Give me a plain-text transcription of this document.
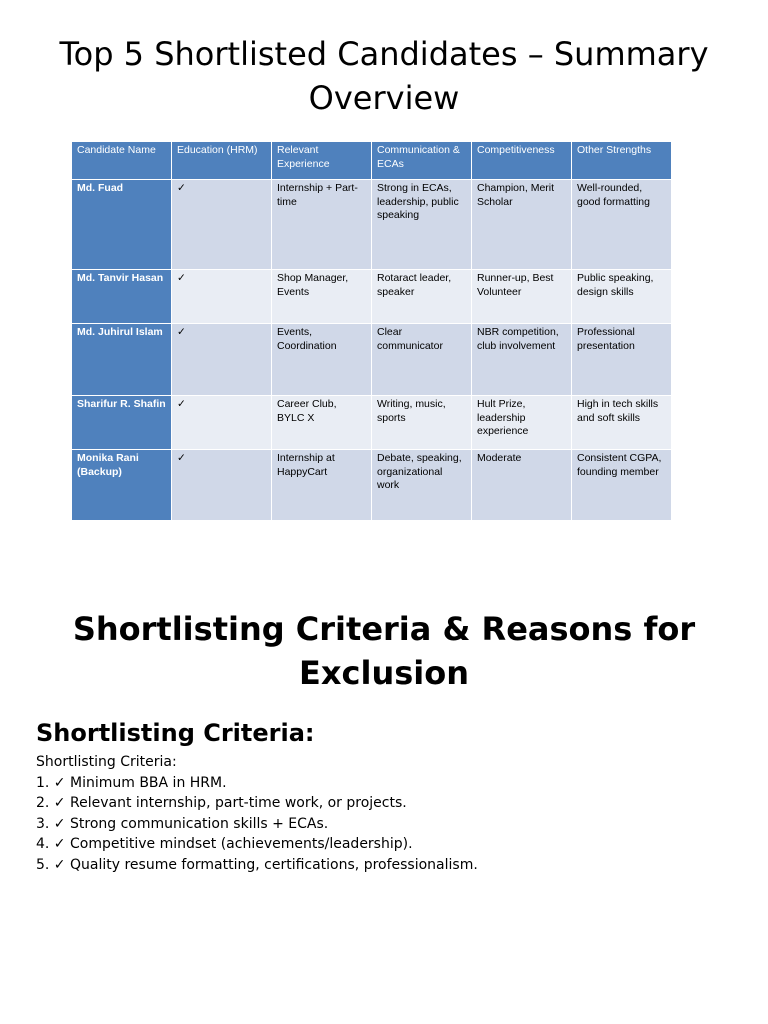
Top 5 Shortlisted Candidates – Summary Overview
Candidate Name	Education (HRM)	Relevant Experience	Communication & ECAs	Competitiveness	Other Strengths
Md. Fuad	✓	Internship + Part-time	Strong in ECAs, leadership, public speaking	Champion, Merit Scholar	Well-rounded, good formatting
Md. Tanvir Hasan	✓	Shop Manager, Events	Rotaract leader, speaker	Runner-up, Best Volunteer	Public speaking, design skills
Md. Juhirul Islam	✓	Events, Coordination	Clear communicator	NBR competition, club involvement	Professional presentation
Sharifur R. Shafin	✓	Career Club, BYLC X	Writing, music, sports	Hult Prize, leadership experience	High in tech skills and soft skills
Monika Rani (Backup)	✓	Internship at HappyCart	Debate, speaking, organizational work	Moderate	Consistent CGPA, founding member
Shortlisting Criteria & Reasons for Exclusion
Shortlisting Criteria:
Shortlisting Criteria:
1. ✓ Minimum BBA in HRM.
2. ✓ Relevant internship, part-time work, or projects.
3. ✓ Strong communication skills + ECAs.
4. ✓ Competitive mindset (achievements/leadership).
5. ✓ Quality resume formatting, certifications, professionalism.
